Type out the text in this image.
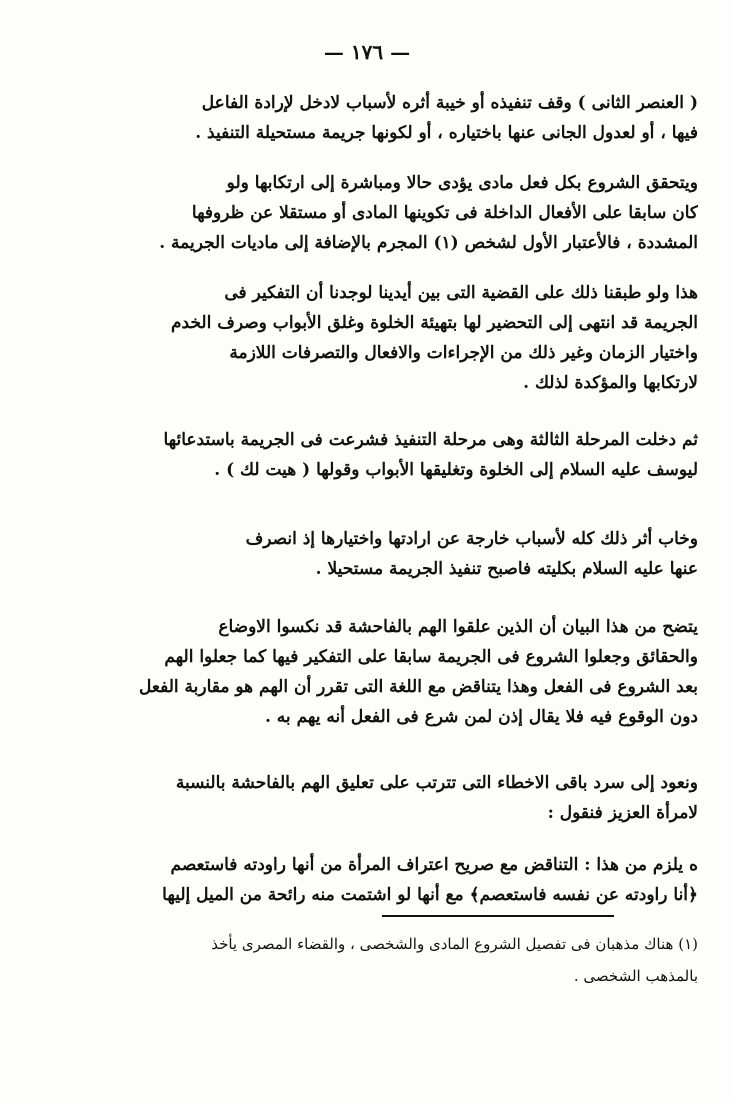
— ١٧٦ —

( العنصر الثانى ) وقف تنفيذه أو خيبة أثره لأسباب لادخل لإرادة الفاعل
فيها ، أو لعدول الجانى عنها باختياره ، أو لكونها جريمة مستحيلة التنفيذ .

ويتحقق الشروع بكل فعل مادى يؤدى حالا ومباشرة إلى ارتكابها ولو
كان سابقا على الأفعال الداخلة فى تكوينها المادى أو مستقلا عن ظروفها
المشددة ، فالأعتبار الأول لشخص (١) المجرم بالإضافة إلى ماديات الجريمة .

هذا ولو طبقنا ذلك على القضية التى بين أيدينا لوجدنا أن التفكير فى
الجريمة قد انتهى إلى التحضير لها بتهيئة الخلوة وغلق الأبواب وصرف الخدم
واختيار الزمان وغير ذلك من الإجراءات والافعال والتصرفات اللازمة
لارتكابها والمؤكدة لذلك .

ثم دخلت المرحلة الثالثة وهى مرحلة التنفيذ فشرعت فى الجريمة باستدعائها
ليوسف عليه السلام إلى الخلوة وتغليقها الأبواب وقولها ( هيت لك ) .

وخاب أثر ذلك كله لأسباب خارجة عن ارادتها واختيارها إذ انصرف
عنها عليه السلام بكليته فاصبح تنفيذ الجريمة مستحيلا .

يتضح من هذا البيان أن الذين علقوا الهم بالفاحشة قد نكسوا الاوضاع
والحقائق وجعلوا الشروع فى الجريمة سابقا على التفكير فيها كما جعلوا الهم
بعد الشروع فى الفعل وهذا يتناقض مع اللغة التى تقرر أن الهم هو مقاربة الفعل
دون الوقوع فيه فلا يقال إذن لمن شرع فى الفعل أنه يهم به .

ونعود إلى سرد باقى الاخطاء التى تترتب على تعليق الهم بالفاحشة بالنسبة
لامرأة العزيز فنقول :

ه يلزم من هذا : التناقض مع صريح اعتراف المرأة من أنها راودته فاستعصم
﴿أنا راودته عن نفسه فاستعصم﴾ مع أنها لو اشتمت منه رائحة من الميل إليها

(١) هناك مذهبان فى تفصيل الشروع المادى والشخصى ، والقضاء المصرى يأخذ
بالمذهب الشخصى .
